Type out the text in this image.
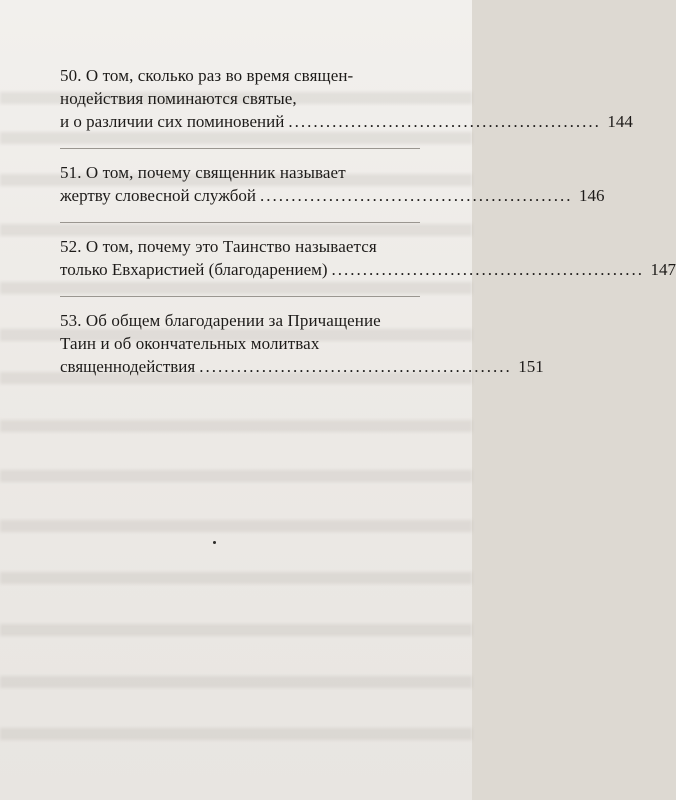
50. О том, сколько раз во время священ-
нодействия поминаются святые,
и о различии сих поминовений .................................................. 144
51. О том, почему священник называет
жертву словесной службой .................................................. 146
52. О том, почему это Таинство называется
только Евхаристией (благодарением) .................................................. 147
53. Об общем благодарении за Причащение
Таин и об окончательных молитвах
священнодействия .................................................. 151
